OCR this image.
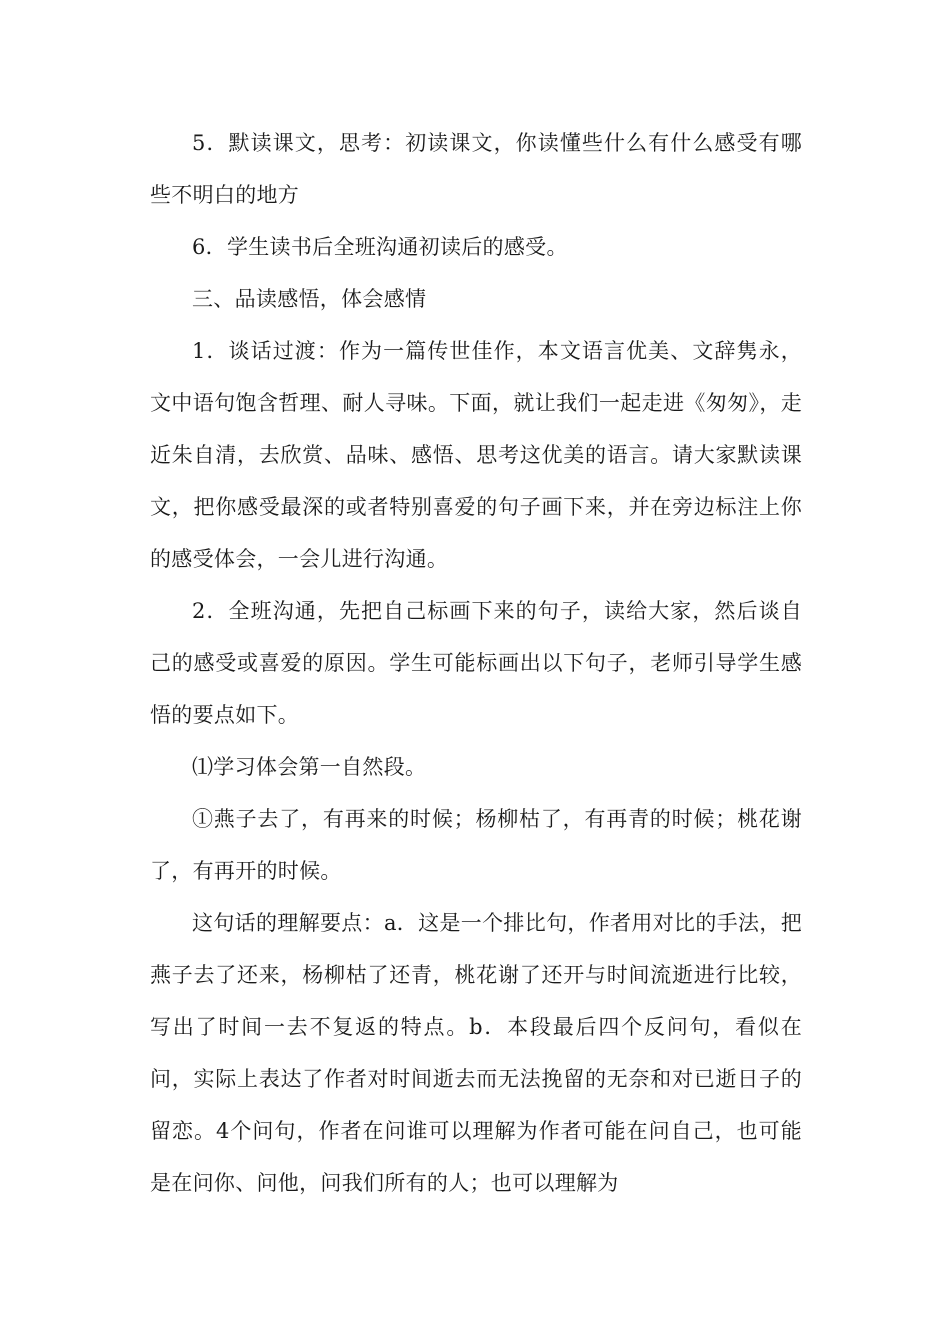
5．默读课文，思考：初读课文，你读懂些什么有什么感受有哪些不明白的地方

6．学生读书后全班沟通初读后的感受。

三、品读感悟，体会感情

1．谈话过渡：作为一篇传世佳作，本文语言优美、文辞隽永，文中语句饱含哲理、耐人寻味。下面，就让我们一起走进《匆匆》，走近朱自清，去欣赏、品味、感悟、思考这优美的语言。请大家默读课文，把你感受最深的或者特别喜爱的句子画下来，并在旁边标注上你的感受体会，一会儿进行沟通。

2．全班沟通，先把自己标画下来的句子，读给大家，然后谈自己的感受或喜爱的原因。学生可能标画出以下句子，老师引导学生感悟的要点如下。

⑴学习体会第一自然段。

①燕子去了，有再来的时候；杨柳枯了，有再青的时候；桃花谢了，有再开的时候。

这句话的理解要点：a．这是一个排比句，作者用对比的手法，把燕子去了还来，杨柳枯了还青，桃花谢了还开与时间流逝进行比较，写出了时间一去不复返的特点。b．本段最后四个反问句，看似在问，实际上表达了作者对时间逝去而无法挽留的无奈和对已逝日子的留恋。4个问句，作者在问谁可以理解为作者可能在问自己，也可能是在问你、问他，问我们所有的人；也可以理解为
